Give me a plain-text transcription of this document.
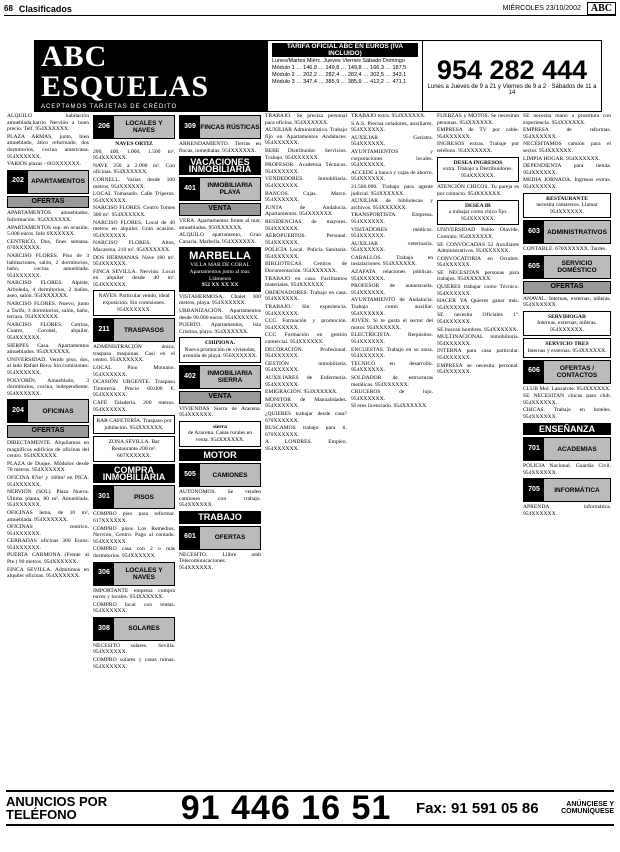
68 Clasificados	MIÉRCOLES 23/10/2002	ABC
ABC ESQUELAS
ACEPTAMOS TARJETAS DE CRÉDITO
TARIFA OFICIAL ABC EN EUROS (IVA INCLUIDO)
Lunes/Martes Miérc. Jueves Viernes Sábado Domingo
Módulo 1 … 146,8 … 149,8 … 149,8 … 166,3 … 187,5
Módulo 2 … 202,2 … 282,4 … 282,4 … 302,5 … 343,1
Módulo 3 … 347,4 … 385,9 … 385,9 … 412,2 … 471,1	954 282 444
Lunes a Jueves de 9 a 21 y Viernes de 9 a 2 · Sábados de 11 a 14

ALQUILO habitación amueblada,barrio Nervión a buen precio. Telf. 954XXXXXX.

PLAZA ARMAS, junto, bien amueblado, ático reformado, dos dormitorios, cocina americana. 954XXXXXX.

VARIOS plazas - 663XXXXXX.

202	APARTAMENTOS
OFERTAS

APARTAMENTOS amueblados. Información. 954XXXXXX.

APARTAMENTOS sup. en ocasión. 5.000 euros. Info 6XXXXXX.

CENTRICO. Dos, fines semana. 670XXXXXX.

NARCISO FLORES. Piso de 3 habitaciones, salón, 2 dormitorios, baño, cocina amueblada. 954XXXXXX.

NARCISO FLORES. Alpiste, Arboleda, 4 dormitorios, 2 baños, aseo, salón. 954XXXXXX.

NARCISO FLORES. Nuevo, junto a Tarifa, 3 dormitorios, salón, baño, terraza. 954XXXXXX.

NARCISO FLORES. Cetrina, Cuatro, Coronel, alquiler. 954XXXXXX.

SIERPES Casa. Apartamentos amueblados. 954XXXXXX.

UNIVERSIDAD. Vendo piso, dos, al lado Rafael Beca. Sin comisiones. 954XXXXXX.

POLVORÍN. Amueblado, 3 dormitorios, cocina, independiente. 954XXXXXX.

204	OFICINAS
OFERTAS

DIRECTAMENTE. Alquilamos en magníficos edificios de oficinas del centro. 954XXXXXX.

PLAZA de Duque. Módulos desde 70 metros. 954XXXXXX.

OFICINA 87m² y 160m² en PICA. 954XXXXXX.

NERVIÓN (SOL). Plaza Nueva. Última planta, 80 m². Amueblada. 954XXXXXX.

OFICINAS lema, de 10 m², amueblada. 954XXXXXX.

OFICINAS centrico. 954XXXXXX.

CERRADAS oficinas 360 Euros. 954XXXXXX.

PUERTA CARMONA (Frente al Pte.) 90 metros. 954XXXXXX.

FINCA SEVILLA. Admitimos en alquiler oficinas. 954XXXXXX.

206	LOCALES Y NAVES

NAVES ORTIZ

200, 400, 1.000, 1.500 m². 954XXXXXX.

NAVE 250 a 2.000 m². Con oficinas. 954XXXXXX.

CORNELL. Varias desde 100 metros. 954XXXXXX.

LOCAL Tomasado. Calle Triperos. 954XXXXXX.

NARCISO FLORES. Centro Tomes 300 m². 954XXXXXX.

NARCISO FLORES. Local de 40 metros en alquiler. Gran ocasión. 954XXXXXX.

NARCISO FLORES. Altos, Macarena, 210 m². 954XXXXXX.

DOS HERMANAS. Nave 180 m². 954XXXXXX.

FINCA SEVILLA. Nervión. Local en alquiler desde 40 m². 954XXXXXX.

NAVES. Particular vendo, ideal exposición. Sin comisiones. 954XXXXXX.
211	TRASPASOS

ADMINISTRACIÓN única, traspaso maquinas. Casi en el centro. 954XXXXXX.

LOCAL Pino Montano. 954XXXXXX.

OCASIÓN URGENTE. Traspaso Tintorería. Precio 60.000 €. 954XXXXXX.

CAFÉ Taladeria. 200 metros. 954XXXXXX.

BAR CAFETERÍA. Traspaso por jubilación. 954XXXXXX.
ZONA SEVILLA. Bar Restaurante 200 m². 607XXXXXX.
COMPRA INMOBILIARIA
301	PISOS

COMPRO piso para reformar. 617XXXXXX.

COMPRO pisos Los Remedios, Nervión, Centro. Pago al contado. 954XXXXXX.

COMPRO casa con 2 o más dormitorios. 954XXXXXX.

306	LOCALES Y NAVES

IMPORTANTE empresa compra naves y locales. 954XXXXXX.

COMPRO local con rentas. 954XXXXXX.

308	SOLARES

NECESITO solares. Sevilla. 954XXXXXX.

COMPRO solares y casas ruinas. 954XXXXXX.

309 FINCAS RÚSTICAS

ARRENDAMIENTO. Tierras en fincas, inmediatas. 954XXXXXX.

VACACIONES INMOBILIARIA
401	INMOBILIARIA PLAYA
VENTA

VERA. Apartamentos frente al mar, amueblados. 950XXXXXX.

ALQUILO apartamento, Gran Canaria, Marbella. 954XXXXXX.

MARBELLA
VILLA MAR DE CORAL
Apartamentos junto al mar. Llámenos
952 XX XX XX

VISTAHERMOSA. Chalet 300 metros, playa. 954XXXXXX.

URBANIZACIÓN. Apartamentos desde 90.000 euros. 954XXXXXX.

PUERTO. Apartamentos, Isla Cristina, playa. 954XXXXXX.

CHIPIONA.
Nueva promoción de viviendas, avenida de playa. 956XXXXXX.
402	INMOBILIARIA SIERRA
VENTA

VIVIENDAS Sierra de Aracena. 954XXXXXX.

sierra
de Aracena. Casas rurales en venta. 954XXXXXX.
MOTOR
505	CAMIONES

AUTONOMOS. Se venden camiones con trabajo. 954XXXXXX.

TRABAJO
601	OFERTAS

NECESITO. Llibre amb Telecomunicaciones. 954XXXXXX.

TRABAJO. Se precisa personal para oficina. 954XXXXXX.

AUXILIAR Administrativa. Trabajo fijo en Apartamentos Andaluces. 954XXXXXX.

BEBE Distribuidor. Servicios. Trabajo. 954XXXXXX.

PROFESOR. Academia Técnicos. 954XXXXXX.

VENDEDORES. Inmobiliaria. 954XXXXXX.

BANCOS. Cajas. Marco. 954XXXXXX.

JUNTA de Andalucía. Apartamentos. 954XXXXXX.

RESIDENCIAS de mayores. 954XXXXXX.

AEROPUERTOS. Personal. 954XXXXXX.

POLICÍA Local. Policía Sanitaria. 954XXXXXX.

BIBLIOTECAS. Centros de Documentación. 954XXXXXX.

TRABAJO en casa. Facilitamos materiales. 954XXXXXX.

ORDENADORES. Trabajo en casa. 954XXXXXX.

TRABAJO. Sin experiencia. 954XXXXXX.

CCC Formación y promoción. 954XXXXXX.

CCC Formación en gestión comercial. 954XXXXXX.

DECORACIÓN. Profesional. 954XXXXXX.

GESTIÓN inmobiliaria. 954XXXXXX.

AUXILIARES de Enfermería. 954XXXXXX.

EMIGRACIÓN. 954XXXXXX.

MONITOR de Manualidades. 954XXXXXX.

¿QUIERES trabajar desde casa? 670XXXXXX.

BUSCAMOS trabajo para ti. 670XXXXXX.

A LONDRES. Empleo. 954XXXXXX.

TRABAJO extra. 954XXXXXX.

S.A.S. Precisa celadores, auxiliares. 954XXXXXX.

AUXILIAR Geriatra. 954XXXXXX.

AYUNTAMIENTOS y corporaciones locales. 954XXXXXX.

ACCEDE a banca y cajas de ahorro. 954XXXXXX.

21.500.000. Trabajo para agente judicial. 954XXXXXX.

AUXILIAR de bibliotecas y archivos. 954XXXXXX.

TRANSPORTISTA. Empresa. 954XXXXXX.

VISITADORES médicos. 954XXXXXX.

AUXILIAR veterinaria. 954XXXXXX.

CABALLOS. Trabajo en instalaciones. 954XXXXXX.

AZAFATA relaciones públicas. 954XXXXXX.

PROFESOR de autoescuela. 954XXXXXX.

AYUNTAMIENTO de Andalucía. Trabajo como auxiliar. 954XXXXXX.

JOVEN. Si te gusta el sector del motor. 954XXXXXX.

ELECTRICISTA. Requisitos. 954XXXXXX.

ENCUESTAS. Trabajo en su zona. 954XXXXXX.

TECNICO en desarrollo. 954XXXXXX.

SOLDADOR de estructuras metálicas. 954XXXXXX.

CRUCEROS de lujo. 954XXXXXX.

SI eres licenciado. 954XXXXXX.

FUERZAS y MOTOS. Se necesitan personas. 954XXXXXX.

EMPRESA de TV por cable. 954XXXXXX.

INGRESOS extras. Trabaje por teléfono. 954XXXXXX.

DESEA INGRESOS
extra. Trabajo a Distribuidores. 954XXXXXX.

ATENCIÓN CHICOS. Tu pareja es por contacto. 954XXXXXX.

DESEA IR
a trabajar como chico fijo. 954XXXXXX.

UNIVERSIDAD Pablo Olavide. Contrato. 954XXXXXX.

SE CONVOCADAS 52 Auxiliares Administrativos. 954XXXXXX.

CONVOCATORIA en Octubre. 954XXXXXX.

SE NECESITAN personas para trabajos. 954XXXXXX.

QUIERES trabajar como Técnico. 954XXXXXX.

HACER YA Quieres ganar más. 954XXXXXX.

SE necesita Oficiales 1ª. 954XXXXXX.

SE buscan hombres. 954XXXXXX.

MULTINACIONAL inmobiliaria. 954XXXXXX.

INTERNA para casa particular. 954XXXXXX.

EMPRESA se necesita personal. 954XXXXXX.

SE necesita mano a prostituta con experiencia. 954XXXXXX.

EMPRESA de reformas. 954XXXXXX.

NECESITAMOS camión para el sector. 954XXXXXX.

LIMPIA HOGAR. 954XXXXXX.

DEPENDIENTA para tienda. 954XXXXXX.

MEDIA JORNADA. Ingresos extras. 954XXXXXX.

RESTAURANTE
necesita camareros. Llamar 954XXXXXX.
603	ADMINISTRATIVOS

CONTABLE. 670XXXXXX. Tardes.

605	SERVICIO DOMÉSTICO
OFERTAS

ANAVAL. Internas, externas, niñeras. 954XXXXXX.

SERVIHOGAR
Internas, externas, niñeras. 954XXXXXX.
SERVICIO TRES
Internas y externas. 954XXXXXX.
606	OFERTAS / CONTACTOS

CLUB Mol. Lanzarote. 954XXXXXX.

SE NECESITAN chicas para club. 954XXXXXX.

CHICAS. Trabajo en hoteles. 954XXXXXX.

ENSEÑANZA
701	ACADEMIAS

POLICIA Nacional. Guardia Civil. 954XXXXXX.

705	INFORMÁTICA

APRENDA informática. 954XXXXXX.

ANUNCIOS POR TELÉFONO	91 446 16 51	Fax: 91 591 05 86	ANÚNCIESE Y COMUNÍQUESE
